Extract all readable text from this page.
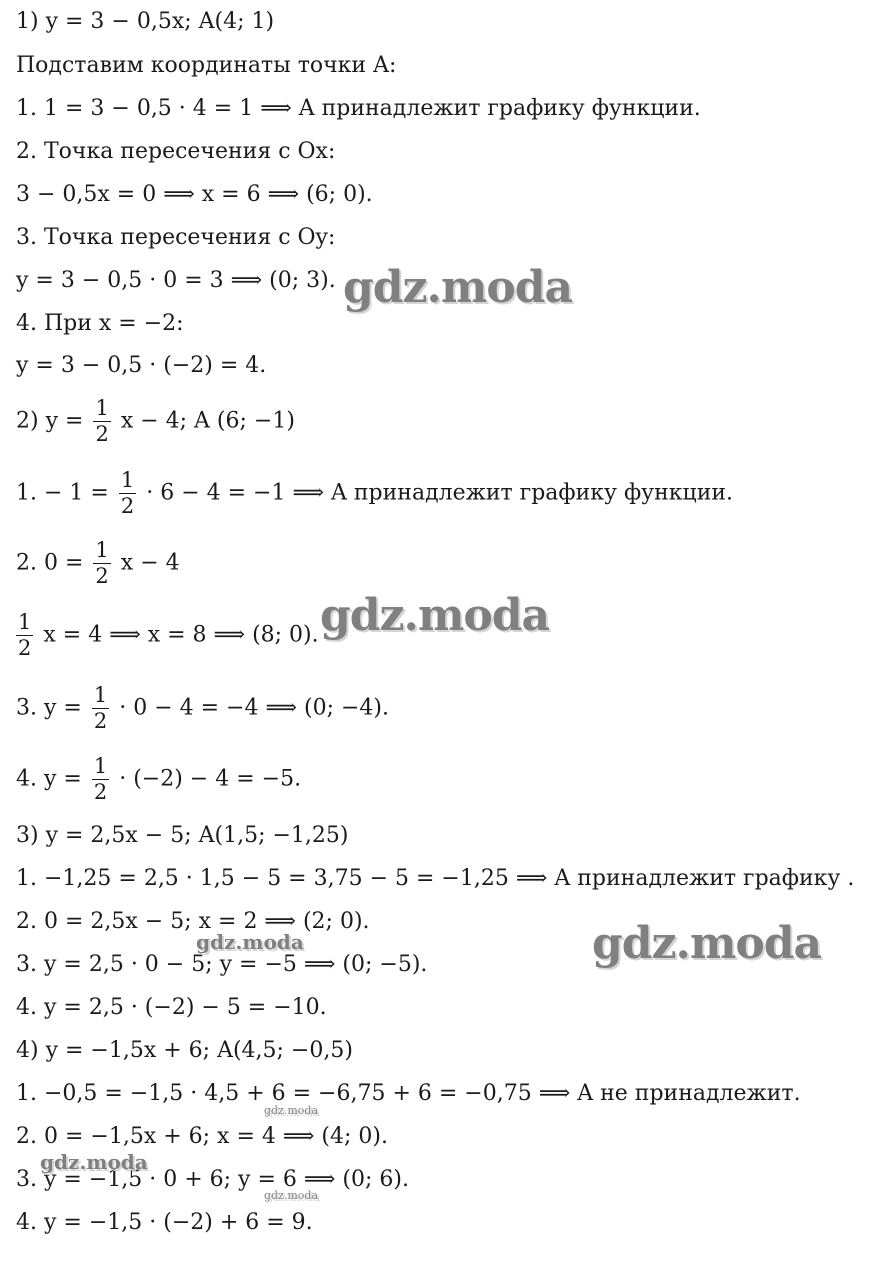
1) y = 3 − 0,5x; A(4; 1)
Подставим координаты точки A:
1. 1 = 3 − 0,5 · 4 = 1 ⟹ A принадлежит графику функции.
2. Точка пересечения с Ox:
3 − 0,5x = 0 ⟹ x = 6 ⟹ (6; 0).
3. Точка пересечения с Oy:
y = 3 − 0,5 · 0 = 3 ⟹ (0; 3).
4. При x = −2:
y = 3 − 0,5 · (−2) = 4.
2) $y = \frac{1}{2}$ x − 4; A (6; −1)
1. − $1 = \frac{1}{2} \cdot 6 - 4 = -1$ ⟹ A принадлежит графику функции.
2. $0 = \frac{1}{2}$ x − 4
$\frac{1}{2}$ x = 4 ⟹ x = 8 ⟹ (8; 0).
3. $y = \frac{1}{2} \cdot 0 - 4 = -4$ ⟹ (0; −4).
4. $y = \frac{1}{2} \cdot (-2) - 4 = -5$.
3) y = 2,5x − 5; A(1,5; −1,25)
1. −1,25 = 2,5 · 1,5 − 5 = 3,75 − 5 = −1,25 ⟹ A принадлежит графику .
2. 0 = 2,5x − 5; x = 2 ⟹ (2; 0).
3. y = 2,5 · 0 − 5; y = −5 ⟹ (0; −5).
4. y = 2,5 · (−2) − 5 = −10.
4) y = −1,5x + 6; A(4,5; −0,5)
1. −0,5 = −1,5 · 4,5 + 6 = −6,75 + 6 = −0,75 ⟹ A не принадлежит.
2. 0 = −1,5x + 6; x = 4 ⟹ (4; 0).
3. y = −1,5 · 0 + 6; y = 6 ⟹ (0; 6).
4. y = −1,5 · (−2) + 6 = 9.
gdz.moda
gdz.moda
gdz.moda
gdz.moda
gdz.moda
gdz.moda
gdz.moda
